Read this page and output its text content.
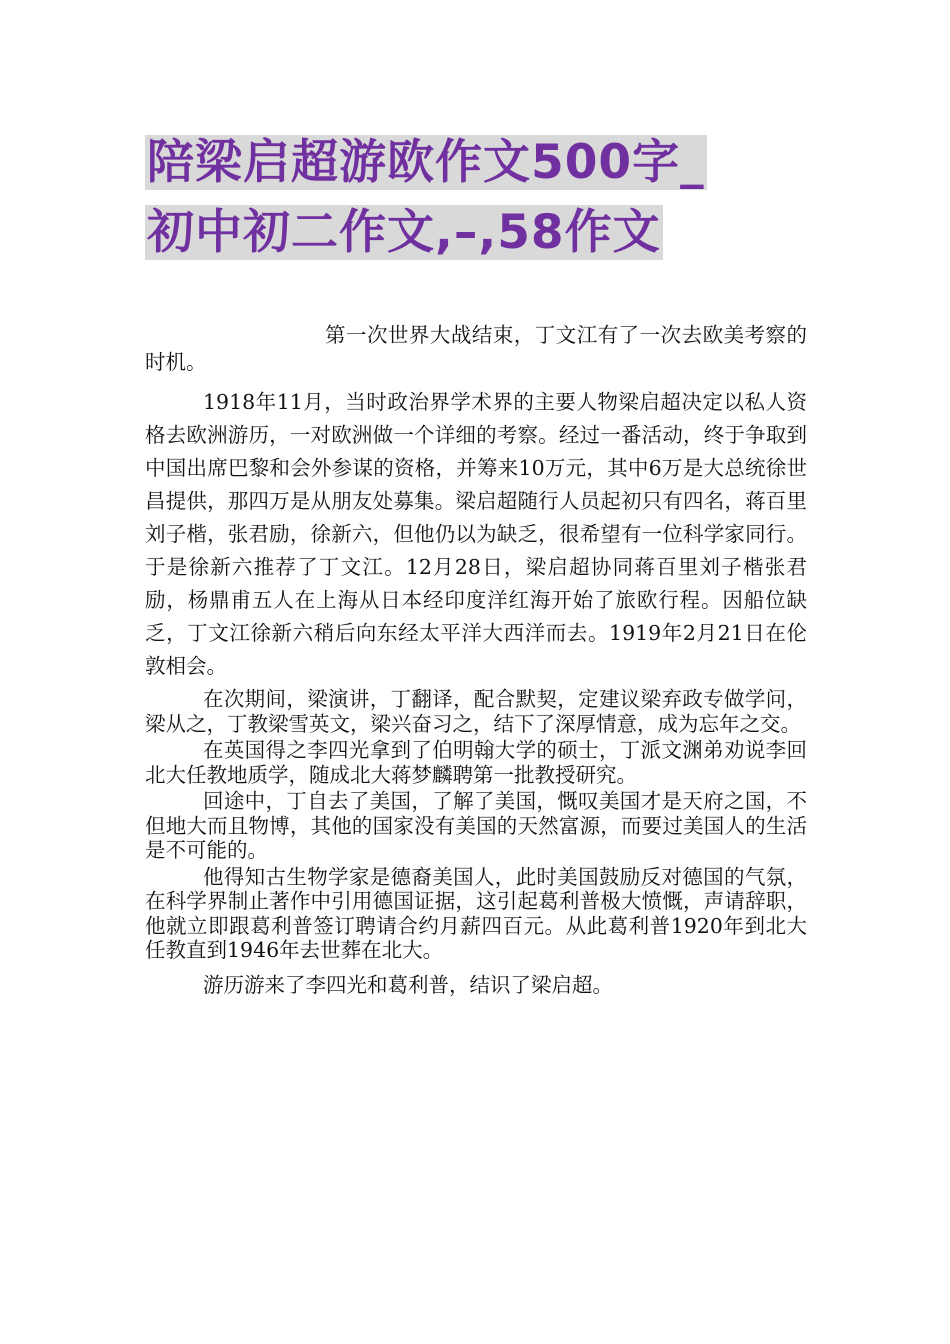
陪梁启超游欧作文500字_
初中初二作文,–,58作文

第一次世界大战结束，丁文江有了一次去欧美考察的时机。

1918年11月，当时政治界学术界的主要人物梁启超决定以私人资格去欧洲游历，一对欧洲做一个详细的考察。经过一番活动，终于争取到中国出席巴黎和会外参谋的资格，并筹来10万元，其中6万是大总统徐世昌提供，那四万是从朋友处募集。梁启超随行人员起初只有四名，蒋百里刘子楷，张君励，徐新六，但他仍以为缺乏，很希望有一位科学家同行。于是徐新六推荐了丁文江。12月28日，梁启超协同蒋百里刘子楷张君励，杨鼎甫五人在上海从日本经印度洋红海开始了旅欧行程。因船位缺乏，丁文江徐新六稍后向东经太平洋大西洋而去。1919年2月21日在伦敦相会。

在次期间，梁演讲，丁翻译，配合默契，定建议梁弃政专做学问，梁从之，丁教梁雪英文，梁兴奋习之，结下了深厚情意，成为忘年之交。

在英国得之李四光拿到了伯明翰大学的硕士，丁派文渊弟劝说李回北大任教地质学，随成北大蒋梦麟聘第一批教授研究。

回途中，丁自去了美国，了解了美国，慨叹美国才是天府之国，不但地大而且物博，其他的国家没有美国的天然富源，而要过美国人的生活是不可能的。

他得知古生物学家是德裔美国人，此时美国鼓励反对德国的气氛，在科学界制止著作中引用德国证据，这引起葛利普极大愤慨，声请辞职，他就立即跟葛利普签订聘请合约月薪四百元。从此葛利普1920年到北大任教直到1946年去世葬在北大。

游历游来了李四光和葛利普，结识了梁启超。
